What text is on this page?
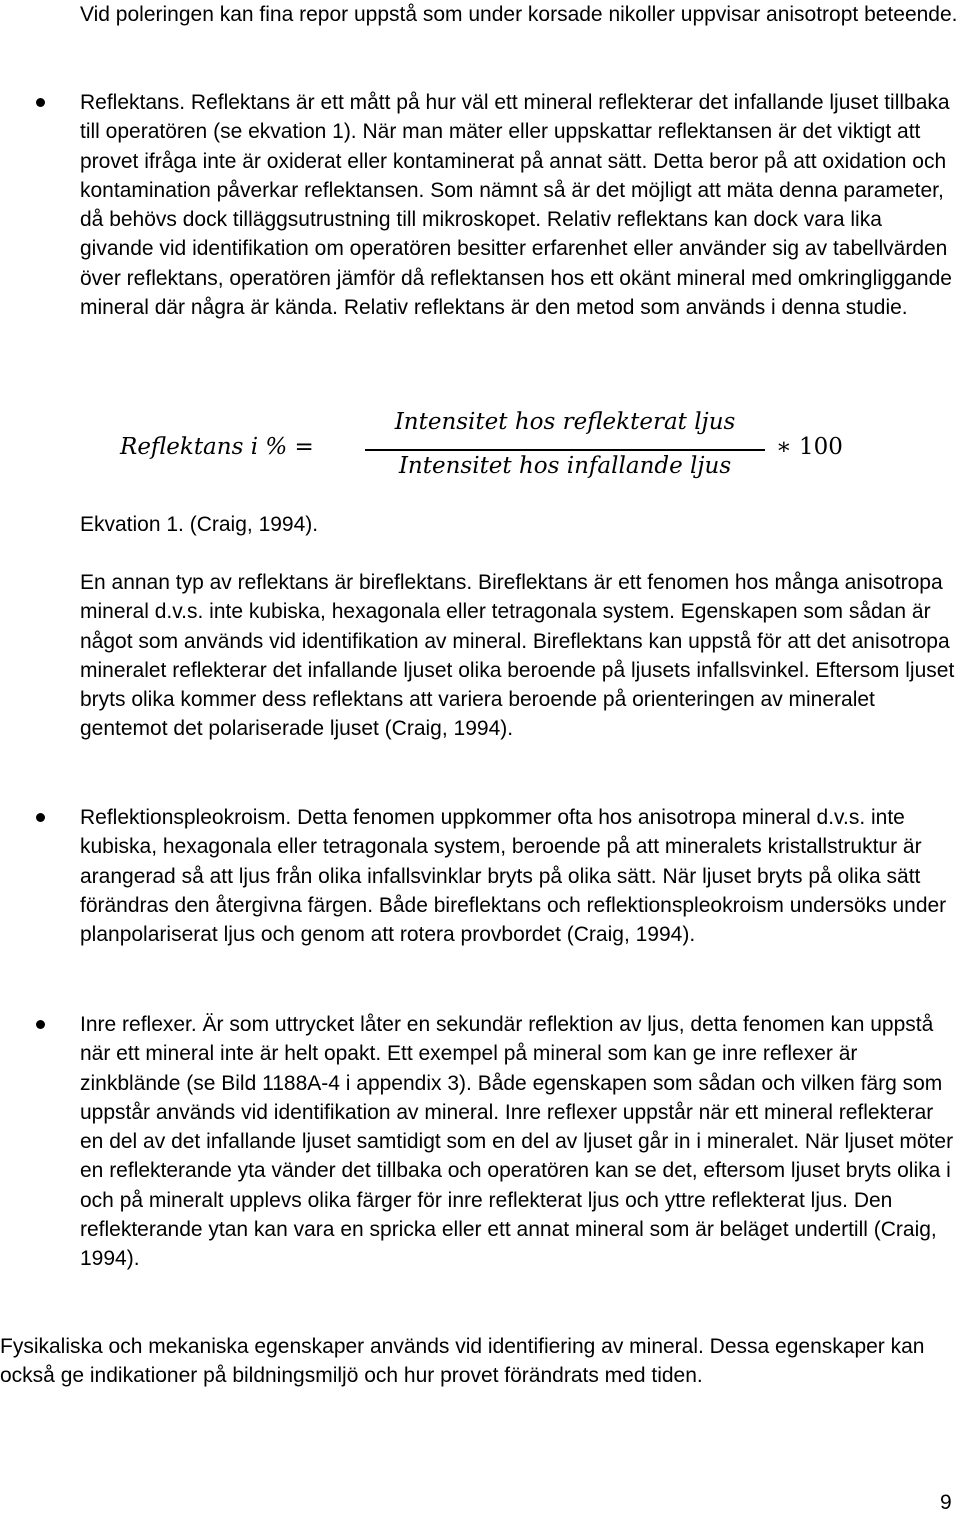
Vid poleringen kan fina repor uppstå som under korsade nikoller uppvisar anisotropt beteende.

Reflektans. Reflektans är ett mått på hur väl ett mineral reflekterar det infallande ljuset tillbaka till operatören (se ekvation 1). När man mäter eller uppskattar reflektansen är det viktigt att provet ifråga inte är oxiderat eller kontaminerat på annat sätt. Detta beror på att oxidation och kontamination påverkar reflektansen. Som nämnt så är det möjligt att mäta denna parameter, då behövs dock tilläggsutrustning till mikroskopet. Relativ reflektans kan dock vara lika givande vid identifikation om operatören besitter erfarenhet eller använder sig av tabellvärden över reflektans, operatören jämför då reflektansen hos ett okänt mineral med omkringliggande mineral där några är kända. Relativ reflektans är den metod som används i denna studie.

Reflektans i % =
Intensitet hos reflekterat ljus
Intensitet hos infallande ljus
∗ 100

Ekvation 1. (Craig, 1994).

En annan typ av reflektans är bireflektans. Bireflektans är ett fenomen hos många anisotropa mineral d.v.s. inte kubiska, hexagonala eller tetragonala system. Egenskapen som sådan är något som används vid identifikation av mineral. Bireflektans kan uppstå för att det anisotropa mineralet reflekterar det infallande ljuset olika beroende på ljusets infallsvinkel. Eftersom ljuset bryts olika kommer dess reflektans att variera beroende på orienteringen av mineralet gentemot det polariserade ljuset (Craig, 1994).

Reflektionspleokroism. Detta fenomen uppkommer ofta hos anisotropa mineral d.v.s. inte kubiska, hexagonala eller tetragonala system, beroende på att mineralets kristallstruktur är arangerad så att ljus från olika infallsvinklar bryts på olika sätt. När ljuset bryts på olika sätt förändras den återgivna färgen. Både bireflektans och reflektionspleokroism undersöks under planpolariserat ljus och genom att rotera provbordet (Craig, 1994).

Inre reflexer. Är som uttrycket låter en sekundär reflektion av ljus, detta fenomen kan uppstå när ett mineral inte är helt opakt. Ett exempel på mineral som kan ge inre reflexer är zinkblände (se Bild 1188A-4 i appendix 3). Både egenskapen som sådan och vilken färg som uppstår används vid identifikation av mineral. Inre reflexer uppstår när ett mineral reflekterar en del av det infallande ljuset samtidigt som en del av ljuset går in i mineralet. När ljuset möter en reflekterande yta vänder det tillbaka och operatören kan se det, eftersom ljuset bryts olika i och på mineralt upplevs olika färger för inre reflekterat ljus och yttre reflekterat ljus. Den reflekterande ytan kan vara en spricka eller ett annat mineral som är beläget undertill (Craig, 1994).

Fysikaliska och mekaniska egenskaper används vid identifiering av mineral. Dessa egenskaper kan också ge indikationer på bildningsmiljö och hur provet förändrats med tiden.

9
